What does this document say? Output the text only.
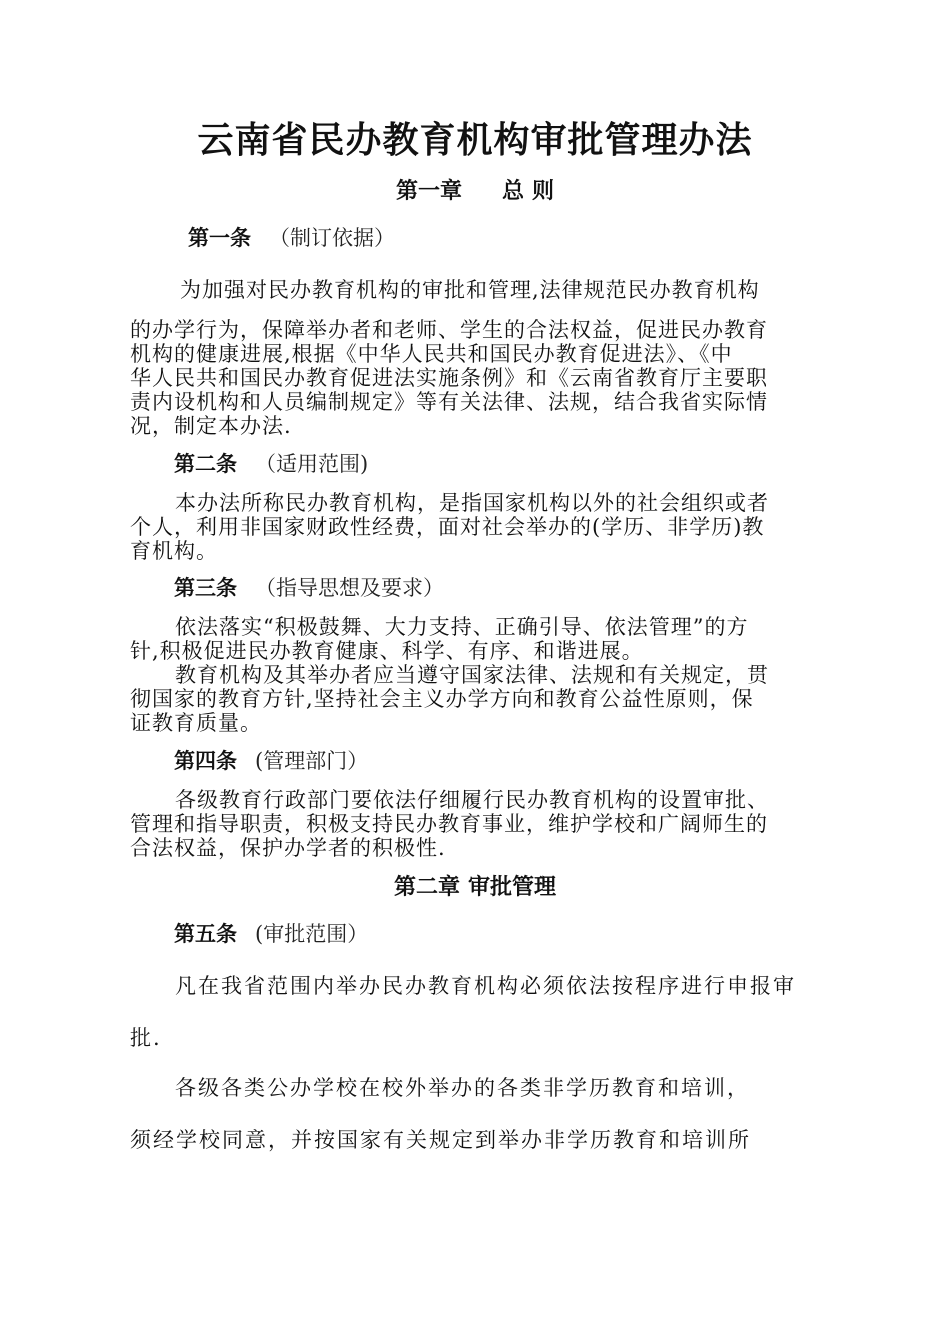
云南省民办教育机构审批管理办法
第一章 总 则
第一条 （制订依据）
为加强对民办教育机构的审批和管理,法律规范民办教育机构
的办学行为，保障举办者和老师、学生的合法权益，促进民办教育
机构的健康进展,根据《中华人民共和国民办教育促进法》、《中
华人民共和国民办教育促进法实施条例》和《云南省教育厅主要职
责内设机构和人员编制规定》等有关法律、法规，结合我省实际情
况，制定本办法.
第二条 （适用范围)
本办法所称民办教育机构，是指国家机构以外的社会组织或者
个人，利用非国家财政性经费，面对社会举办的(学历、非学历)教
育机构。
第三条 （指导思想及要求）
依法落实“积极鼓舞、大力支持、正确引导、依法管理”的方
针,积极促进民办教育健康、科学、有序、和谐进展。
教育机构及其举办者应当遵守国家法律、法规和有关规定，贯
彻国家的教育方针,坚持社会主义办学方向和教育公益性原则，保
证教育质量。
第四条 (管理部门）
各级教育行政部门要依法仔细履行民办教育机构的设置审批、
管理和指导职责，积极支持民办教育事业，维护学校和广阔师生的
合法权益，保护办学者的积极性.
第二章 审批管理
第五条 (审批范围）
凡在我省范围内举办民办教育机构必须依法按程序进行申报审
批.
各级各类公办学校在校外举办的各类非学历教育和培训，
须经学校同意，并按国家有关规定到举办非学历教育和培训所
